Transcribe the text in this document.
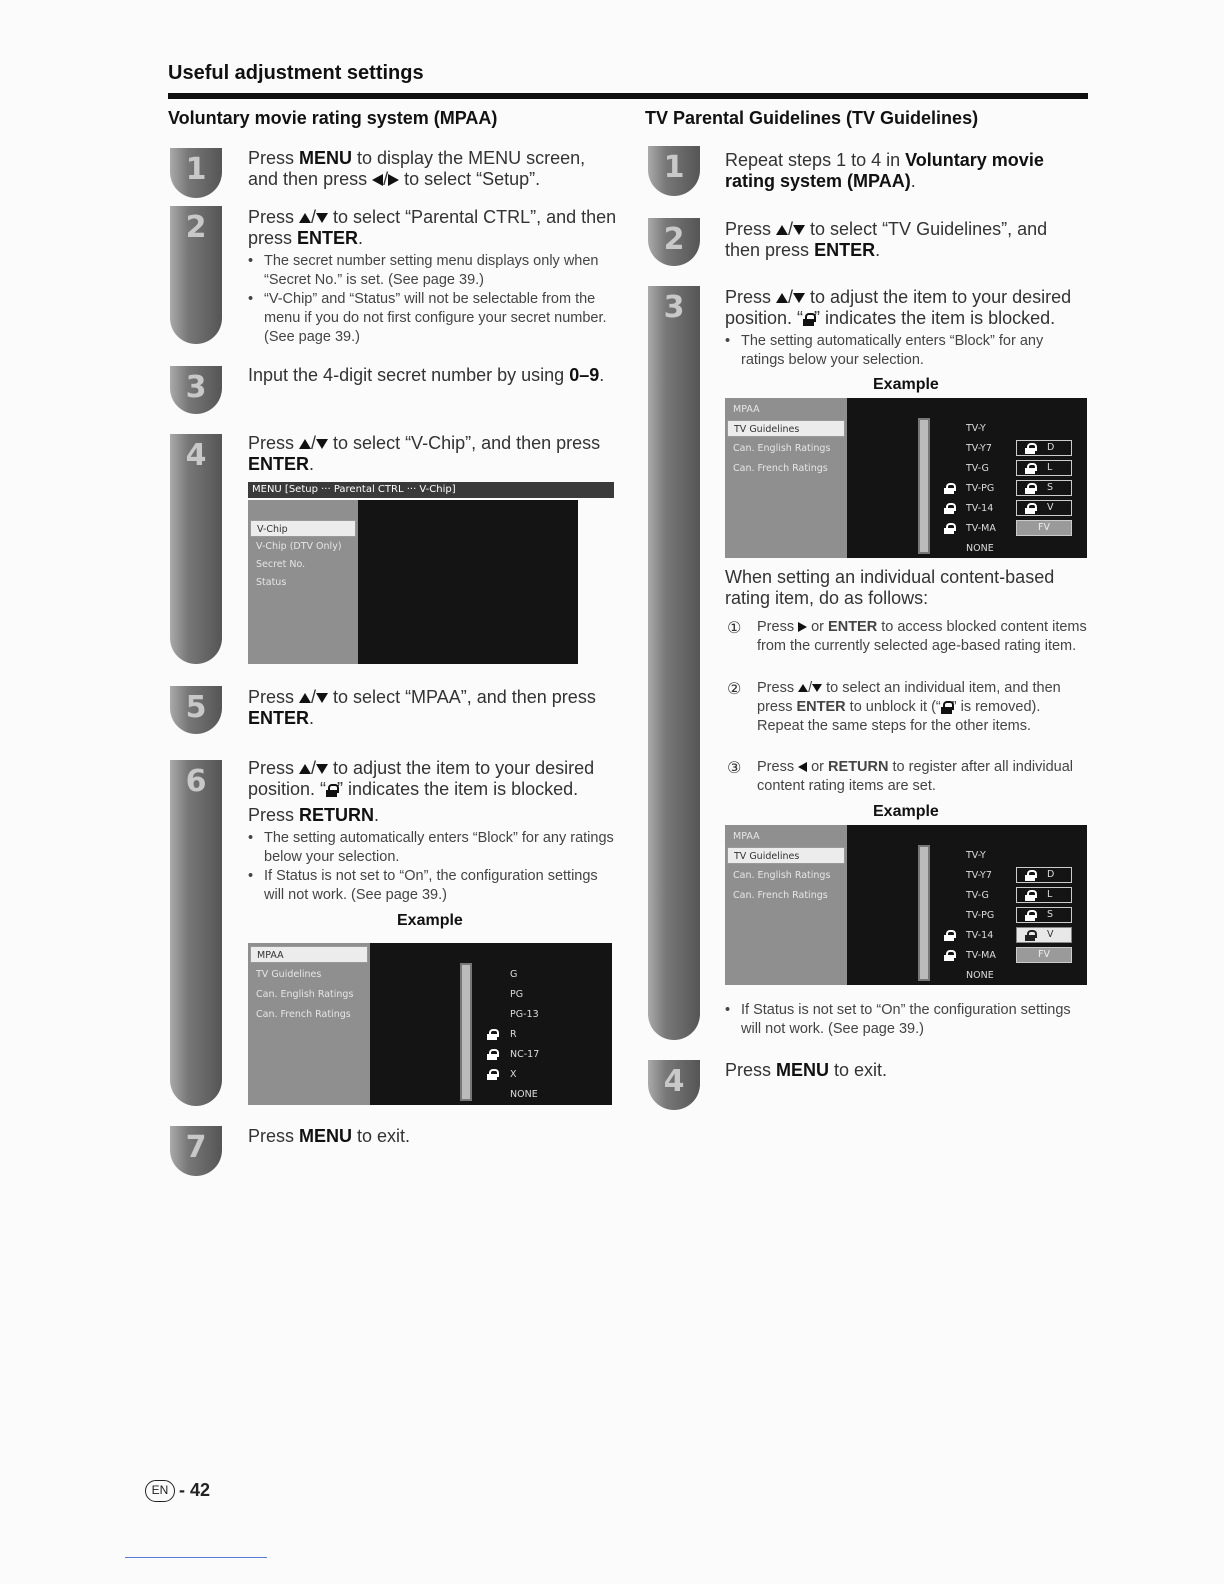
Useful adjustment settings
Voluntary movie rating system (MPAA)
1	Press MENU to display the MENU screen, and then press / to select “Setup”.
2	Press / to select “Parental CTRL”, and then press ENTER.
• The secret number setting menu displays only when “Secret No.” is set. (See page 39.)
• “V-Chip” and “Status” will not be selectable from the menu if you do not first configure your secret number. (See page 39.)
3	Input the 4-digit secret number by using 0–9.
4	Press / to select “V-Chip”, and then press ENTER.
MENU [Setup ··· Parental CTRL ··· V-Chip]
V-Chip
V-Chip (DTV Only)
Secret No.
Status
5	Press / to select “MPAA”, and then press ENTER.
6	Press / to adjust the item to your desired position. “ ” indicates the item is blocked.
Press RETURN.
• The setting automatically enters “Block” for any ratings below your selection.
• If Status is not set to “On”, the configuration settings will not work. (See page 39.)
Example
MPAA
TV Guidelines
Can. English Ratings
Can. French Ratings
G
PG
PG-13
R
NC-17
X
NONE
7	Press MENU to exit.
TV Parental Guidelines (TV Guidelines)
1	Repeat steps 1 to 4 in Voluntary movie rating system (MPAA).
2	Press / to select “TV Guidelines”, and then press ENTER.
3	Press / to adjust the item to your desired position. “ ” indicates the item is blocked.
• The setting automatically enters “Block” for any ratings below your selection.
Example
MPAA
TV Guidelines
Can. English Ratings
Can. French Ratings
TV-Y
TV-Y7
TV-G
TV-PG
TV-14
TV-MA
NONE
D
L
S
V
FV
When setting an individual content-based rating item, do as follows:
① Press  or ENTER to access blocked content items from the currently selected age-based rating item.
② Press / to select an individual item, and then press ENTER to unblock it (“ ” is removed). Repeat the same steps for the other items.
③ Press  or RETURN to register after all individual content rating items are set.
Example
MPAA
TV Guidelines
Can. English Ratings
Can. French Ratings
TV-Y
TV-Y7
TV-G
TV-PG
TV-14
TV-MA
NONE
D
L
S
V
FV
• If Status is not set to “On” the configuration settings will not work. (See page 39.)
4	Press MENU to exit.
EN - 42
